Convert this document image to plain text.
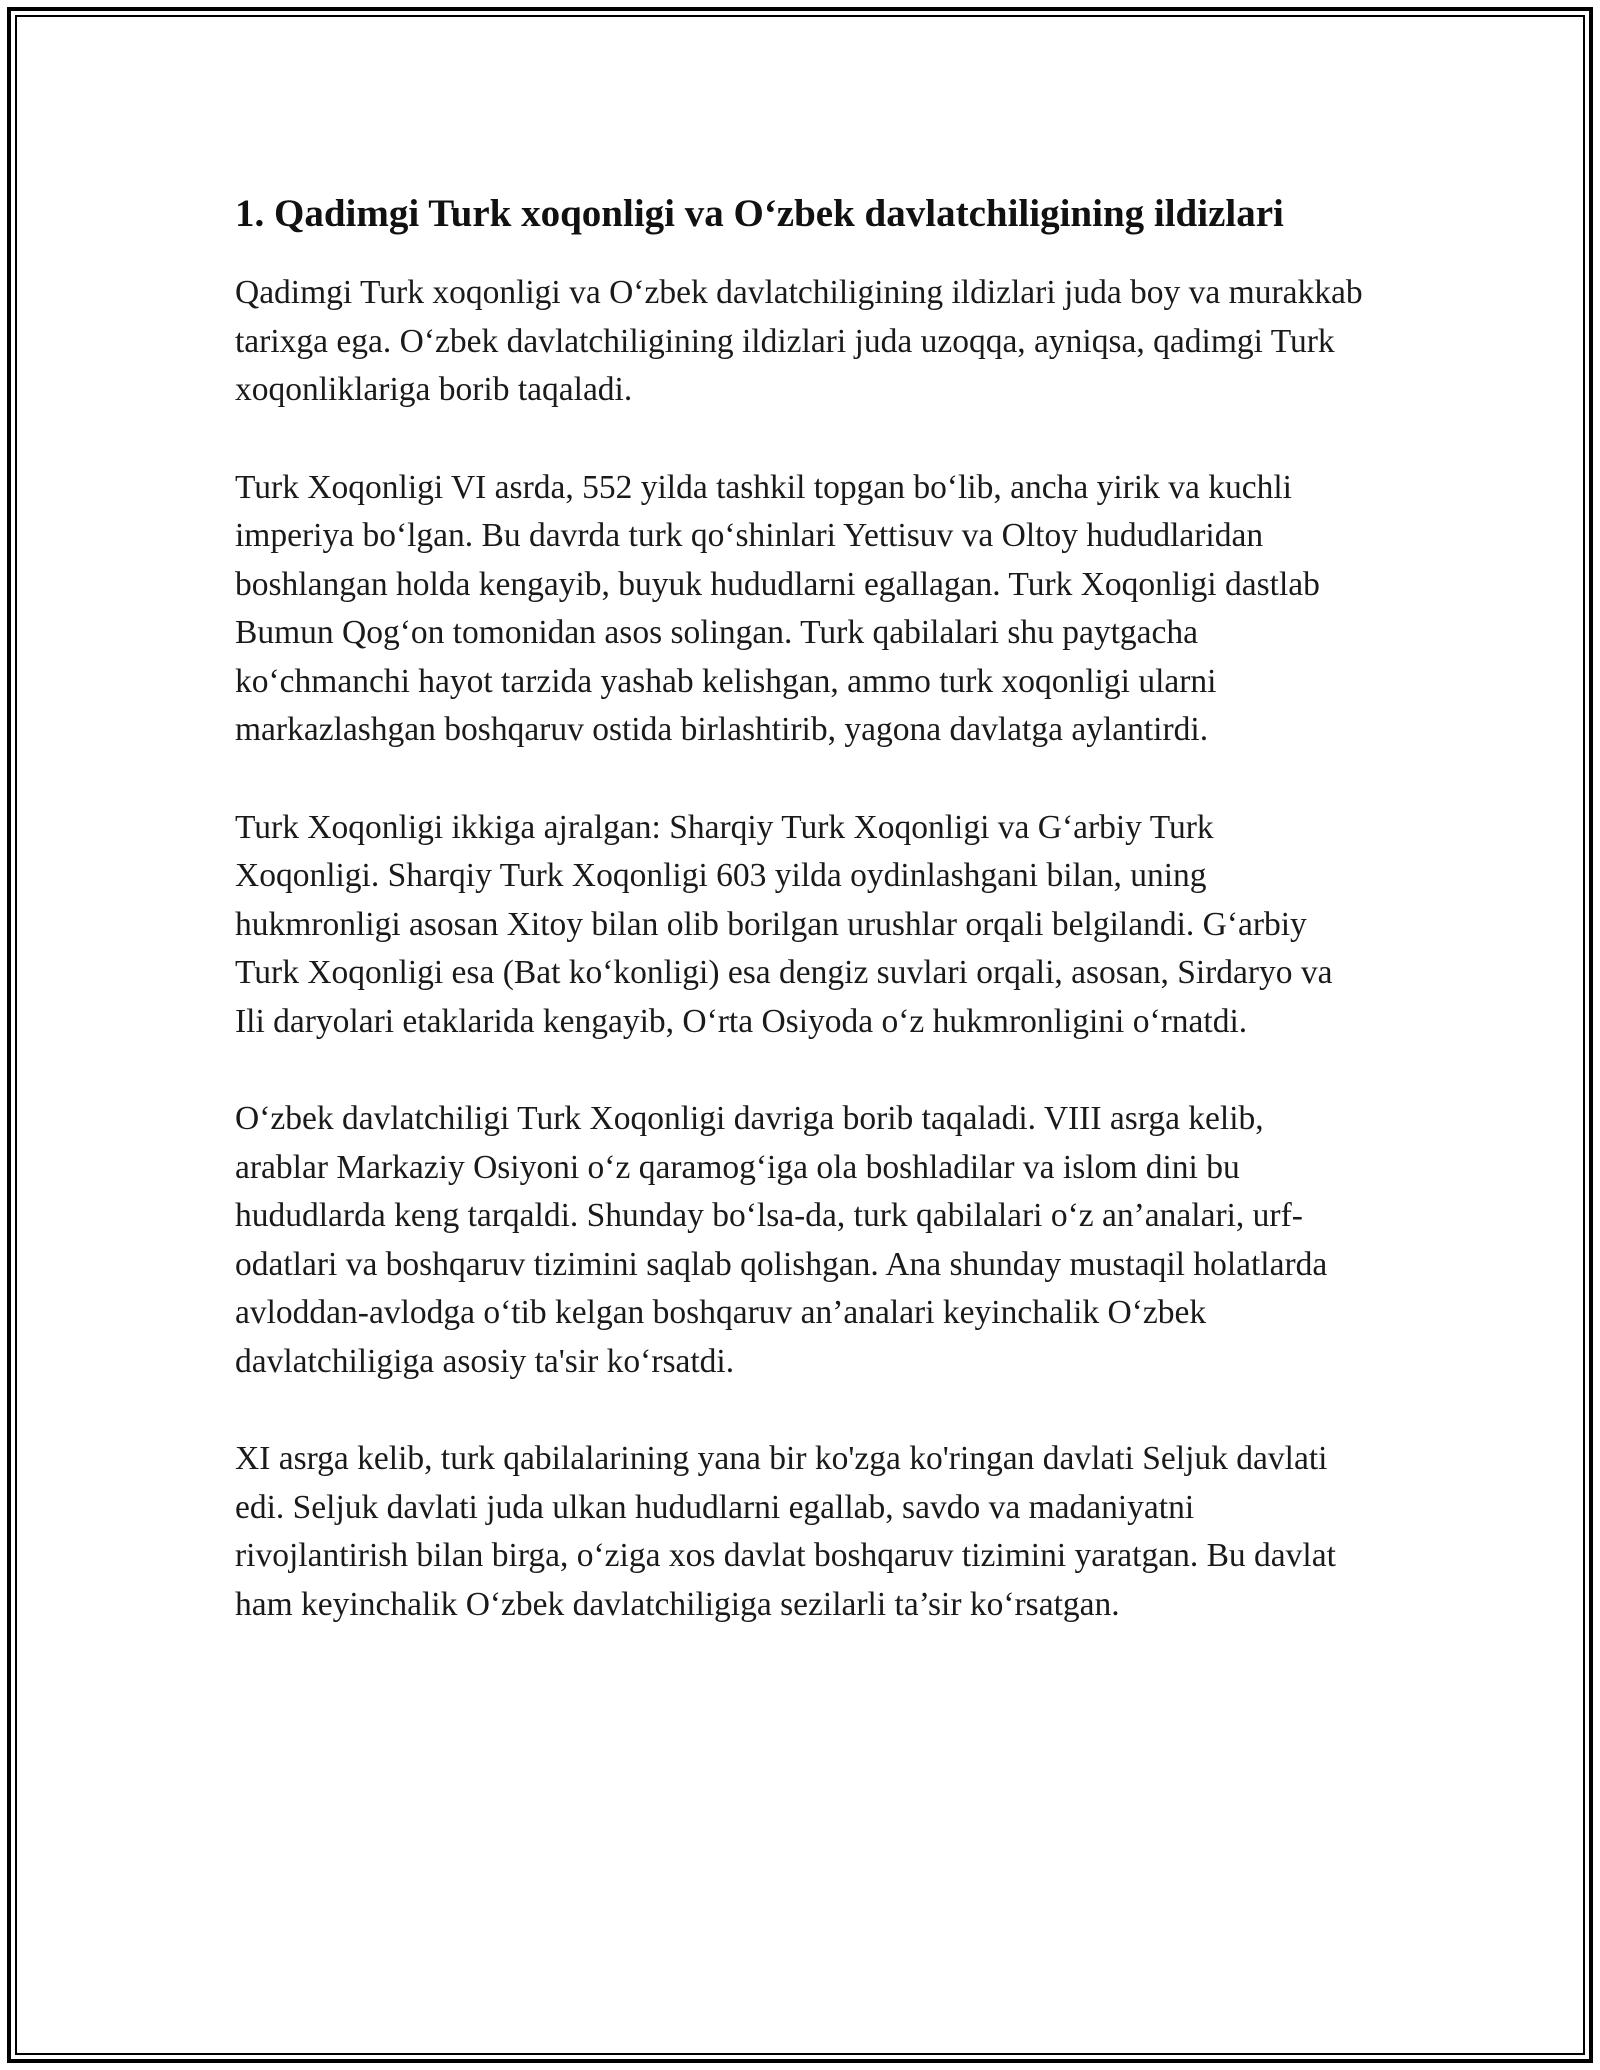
1. Qadimgi Turk xoqonligi va O‘zbek davlatchiligining ildizlari

Qadimgi Turk xoqonligi va O‘zbek davlatchiligining ildizlari juda boy va murakkab tarixga ega. O‘zbek davlatchiligining ildizlari juda uzoqqa, ayniqsa, qadimgi Turk xoqonliklariga borib taqaladi.

Turk Xoqonligi VI asrda, 552 yilda tashkil topgan bo‘lib, ancha yirik va kuchli imperiya bo‘lgan. Bu davrda turk qo‘shinlari Yettisuv va Oltoy hududlaridan boshlangan holda kengayib, buyuk hududlarni egallagan. Turk Xoqonligi dastlab Bumun Qog‘on tomonidan asos solingan. Turk qabilalari shu paytgacha ko‘chmanchi hayot tarzida yashab kelishgan, ammo turk xoqonligi ularni markazlashgan boshqaruv ostida birlashtirib, yagona davlatga aylantirdi.

Turk Xoqonligi ikkiga ajralgan: Sharqiy Turk Xoqonligi va G‘arbiy Turk Xoqonligi. Sharqiy Turk Xoqonligi 603 yilda oydinlashgani bilan, uning hukmronligi asosan Xitoy bilan olib borilgan urushlar orqali belgilandi. G‘arbiy Turk Xoqonligi esa (Bat ko‘konligi) esa dengiz suvlari orqali, asosan, Sirdaryo va Ili daryolari etaklarida kengayib, O‘rta Osiyoda o‘z hukmronligini o‘rnatdi.

O‘zbek davlatchiligi Turk Xoqonligi davriga borib taqaladi. VIII asrga kelib, arablar Markaziy Osiyoni o‘z qaramog‘iga ola boshladilar va islom dini bu hududlarda keng tarqaldi. Shunday bo‘lsa-da, turk qabilalari o‘z an’analari, urf-odatlari va boshqaruv tizimini saqlab qolishgan. Ana shunday mustaqil holatlarda avloddan-avlodga o‘tib kelgan boshqaruv an’analari keyinchalik O‘zbek davlatchiligiga asosiy ta'sir ko‘rsatdi.

XI asrga kelib, turk qabilalarining yana bir ko'zga ko'ringan davlati Seljuk davlati edi. Seljuk davlati juda ulkan hududlarni egallab, savdo va madaniyatni rivojlantirish bilan birga, o‘ziga xos davlat boshqaruv tizimini yaratgan. Bu davlat ham keyinchalik O‘zbek davlatchiligiga sezilarli ta’sir ko‘rsatgan.
